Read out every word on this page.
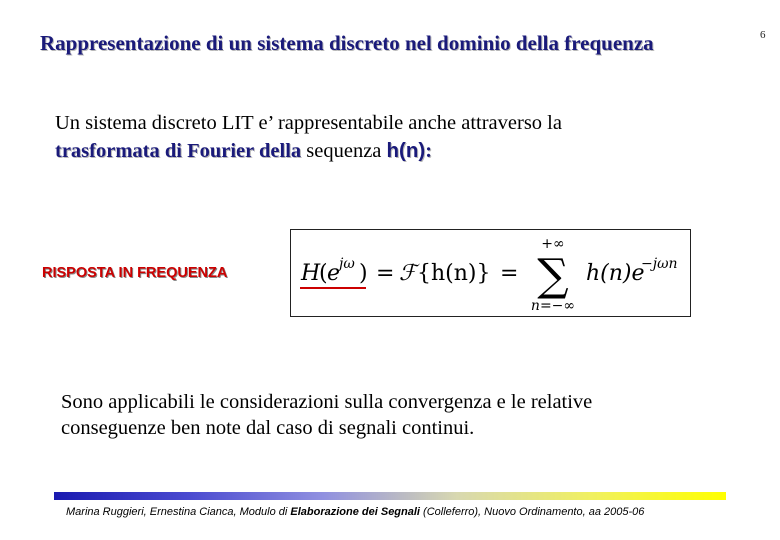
6
Rappresentazione di un sistema discreto nel dominio della frequenza
Un sistema discreto LIT e’ rappresentabile anche attraverso la
trasformata di Fourier della sequenza h(n):
RISPOSTA IN FREQUENZA	H
( e
jω ) = ℱ {h(n)} =
+∞
∑
n=−∞
h(n)e
−jωn
Sono applicabili le considerazioni sulla convergenza e le relative
conseguenze ben note dal caso di segnali continui.
Marina Ruggieri, Ernestina Cianca, Modulo di Elaborazione dei Segnali (Colleferro), Nuovo Ordinamento, aa 2005-06
